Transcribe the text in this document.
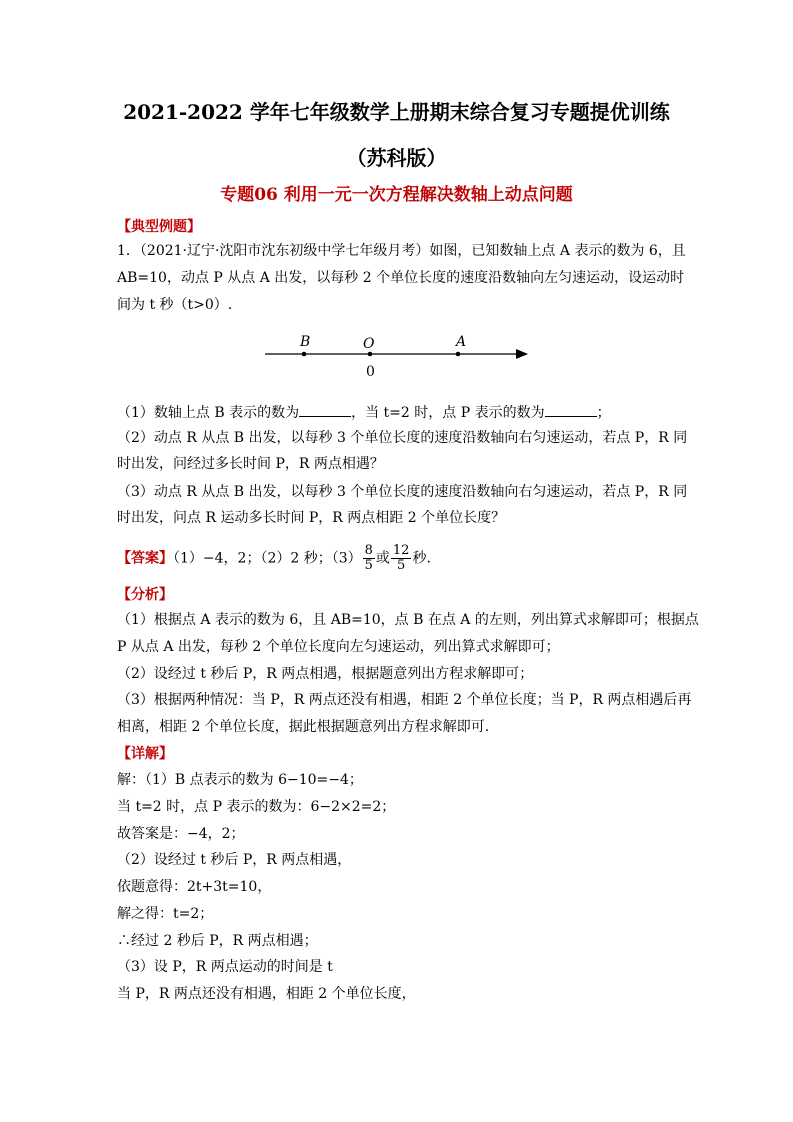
2021-2022 学年七年级数学上册期末综合复习专题提优训练
（苏科版）
专题06 利用一元一次方程解决数轴上动点问题
【典型例题】
1．（2021·辽宁·沈阳市沈东初级中学七年级月考）如图，已知数轴上点 A 表示的数为 6，且
AB=10，动点 P 从点 A 出发，以每秒 2 个单位长度的速度沿数轴向左匀速运动，设运动时
间为 t 秒（t>0）.
B	O	A
0
（1）数轴上点 B 表示的数为	，当 t=2 时，点 P 表示的数为	；
（2）动点 R 从点 B 出发，以每秒 3 个单位长度的速度沿数轴向右匀速运动，若点 P，R 同
时出发，问经过多长时间 P，R 两点相遇？
（3）动点 R 从点 B 出发，以每秒 3 个单位长度的速度沿数轴向右匀速运动，若点 P，R 同
时出发，问点 R 运动多长时间 P，R 两点相距 2 个单位长度？
【答案】（1）−4，2；（2）2 秒；$(3) \frac{8}{5}$ 或 $\frac{12}{5}$ 秒.
【分析】
（1）根据点 A 表示的数为 6，且 AB=10，点 B 在点 A 的左则，列出算式求解即可；根据点
P 从点 A 出发，每秒 2 个单位长度向左匀速运动，列出算式求解即可；
（2）设经过 t 秒后 P，R 两点相遇，根据题意列出方程求解即可；
（3）根据两种情况：当 P，R 两点还没有相遇，相距 2 个单位长度；当 P，R 两点相遇后再
相离，相距 2 个单位长度，据此根据题意列出方程求解即可.
【详解】
解：（1）B 点表示的数为 6−10=−4；
当 t=2 时，点 P 表示的数为：6−2×2=2；
故答案是：−4，2；
（2）设经过 t 秒后 P，R 两点相遇，
依题意得：2t+3t=10，
解之得：t=2；
∴经过 2 秒后 P，R 两点相遇；
（3）设 P，R 两点运动的时间是 t
当 P，R 两点还没有相遇，相距 2 个单位长度，
